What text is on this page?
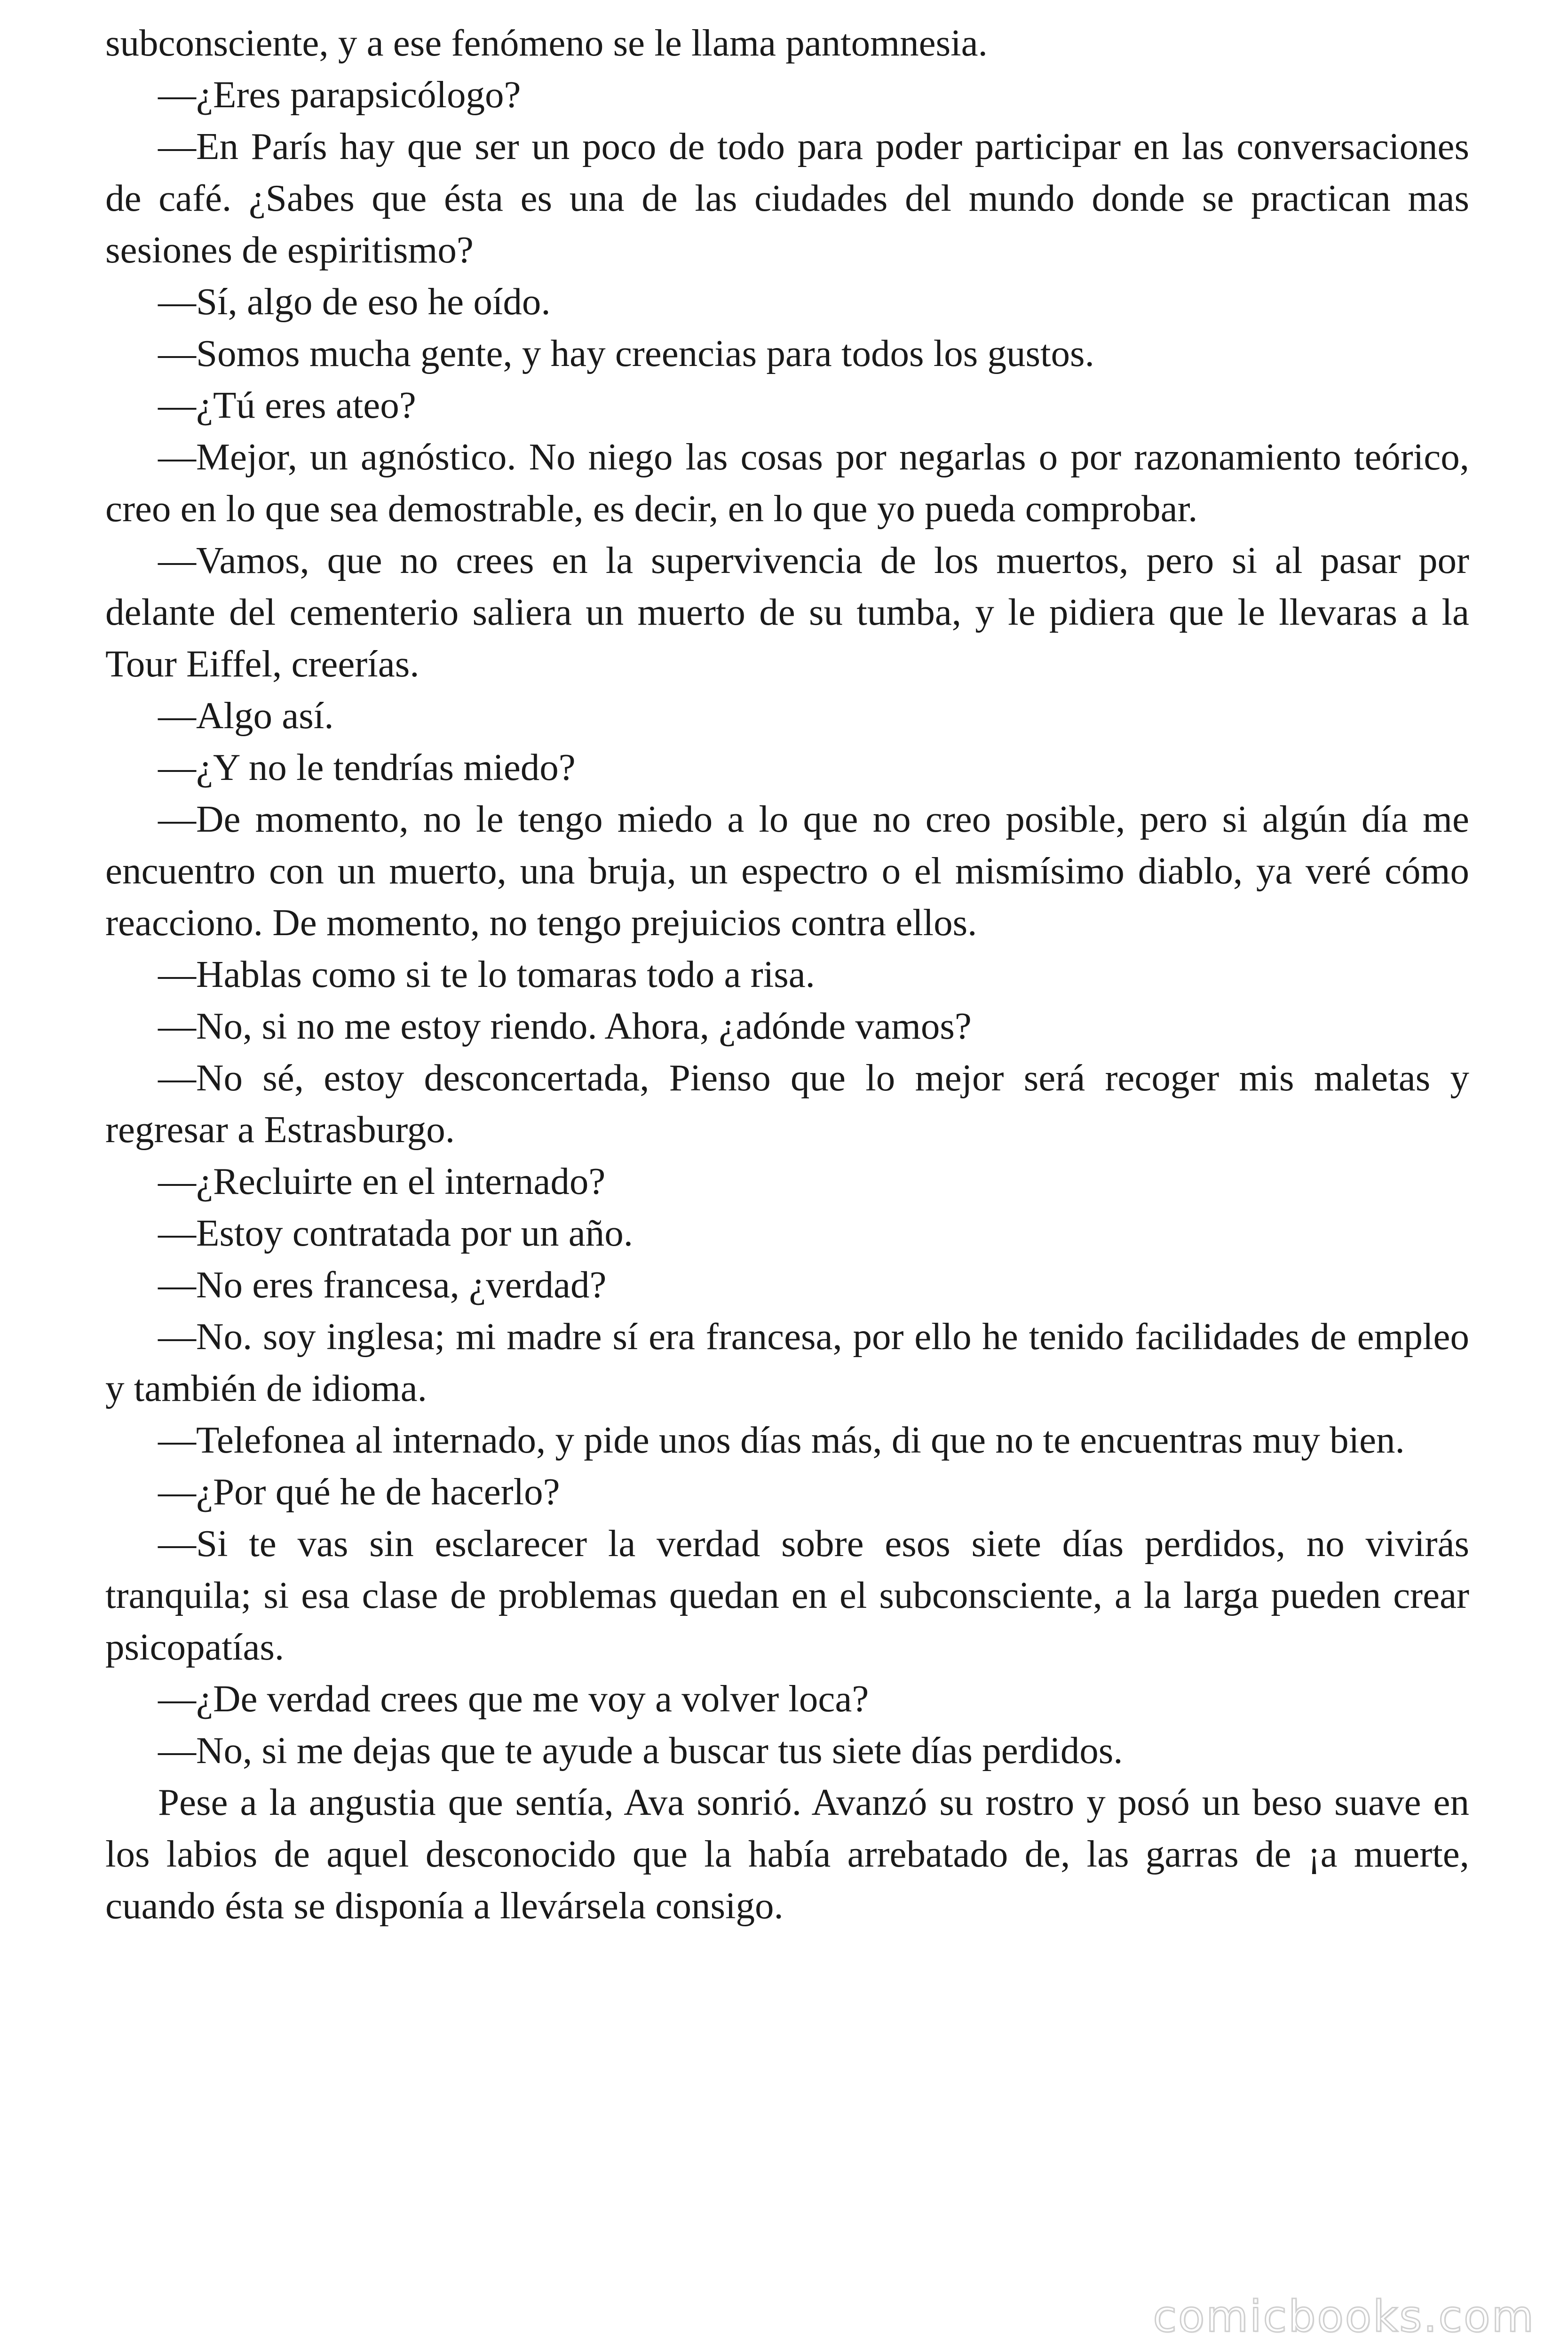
subconsciente, y a ese fenómeno se le llama pantomnesia.

—¿Eres parapsicólogo?

—En París hay que ser un poco de todo para poder participar en las conversaciones de café. ¿Sabes que ésta es una de las ciudades del mundo donde se practican mas sesiones de espiritismo?

—Sí, algo de eso he oído.

—Somos mucha gente, y hay creencias para todos los gustos.

—¿Tú eres ateo?

—Mejor, un agnóstico. No niego las cosas por negarlas o por razonamiento teórico, creo en lo que sea demostrable, es decir, en lo que yo pueda comprobar.

—Vamos, que no crees en la supervivencia de los muertos, pero si al pasar por delante del cementerio saliera un muerto de su tumba, y le pidiera que le llevaras a la Tour Eiffel, creerías.

—Algo así.

—¿Y no le tendrías miedo?

—De momento, no le tengo miedo a lo que no creo posible, pero si algún día me encuentro con un muerto, una bruja, un espectro o el mismísimo diablo, ya veré cómo reacciono. De momento, no tengo prejuicios contra ellos.

—Hablas como si te lo tomaras todo a risa.

—No, si no me estoy riendo. Ahora, ¿adónde vamos?

—No sé, estoy desconcertada, Pienso que lo mejor será recoger mis maletas y regresar a Estrasburgo.

—¿Recluirte en el internado?

—Estoy contratada por un año.

—No eres francesa, ¿verdad?

—No. soy inglesa; mi madre sí era francesa, por ello he tenido facilidades de empleo y también de idioma.

—Telefonea al internado, y pide unos días más, di que no te encuentras muy bien.

—¿Por qué he de hacerlo?

—Si te vas sin esclarecer la verdad sobre esos siete días perdidos, no vivirás tranquila; si esa clase de problemas quedan en el subconsciente, a la larga pueden crear psicopatías.

—¿De verdad crees que me voy a volver loca?

—No, si me dejas que te ayude a buscar tus siete días perdidos.

Pese a la angustia que sentía, Ava sonrió. Avanzó su rostro y posó un beso suave en los labios de aquel desconocido que la había arrebatado de, las garras de ¡a muerte, cuando ésta se disponía a llevársela consigo.

comicbooks.com
